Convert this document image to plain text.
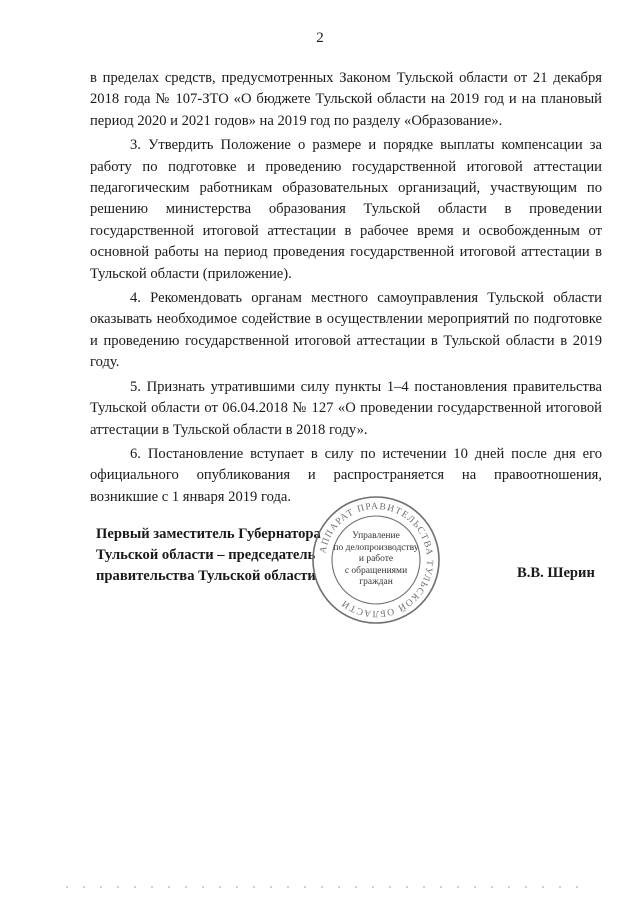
2

в пределах средств, предусмотренных Законом Тульской области от 21 декабря 2018 года № 107-ЗТО «О бюджете Тульской области на 2019 год и на плановый период 2020 и 2021 годов» на 2019 год по разделу «Образование».

3. Утвердить Положение о размере и порядке выплаты компенсации за работу по подготовке и проведению государственной итоговой аттестации педагогическим работникам образовательных организаций, участвующим по решению министерства образования Тульской области в проведении государственной итоговой аттестации в рабочее время и освобожденным от основной работы на период проведения государственной итоговой аттестации в Тульской области (приложение).

4. Рекомендовать органам местного самоуправления Тульской области оказывать необходимое содействие в осуществлении мероприятий по подготовке и проведению государственной итоговой аттестации в Тульской области в 2019 году.

5. Признать утратившими силу пункты 1–4 постановления правительства Тульской области от 06.04.2018 № 127 «О проведении государственной итоговой аттестации в Тульской области в 2018 году».

6. Постановление вступает в силу по истечении 10 дней после дня его официального опубликования и распространяется на правоотношения, возникшие с 1 января 2019 года.

Первый заместитель Губернатора
Тульской области – председатель
правительства Тульской области
АППАРАТ ПРАВИТЕЛЬСТВА ТУЛЬСКОЙ ОБЛАСТИ
Управление
по делопроизводству
и работе
с обращениями
граждан
В.В. Шерин
